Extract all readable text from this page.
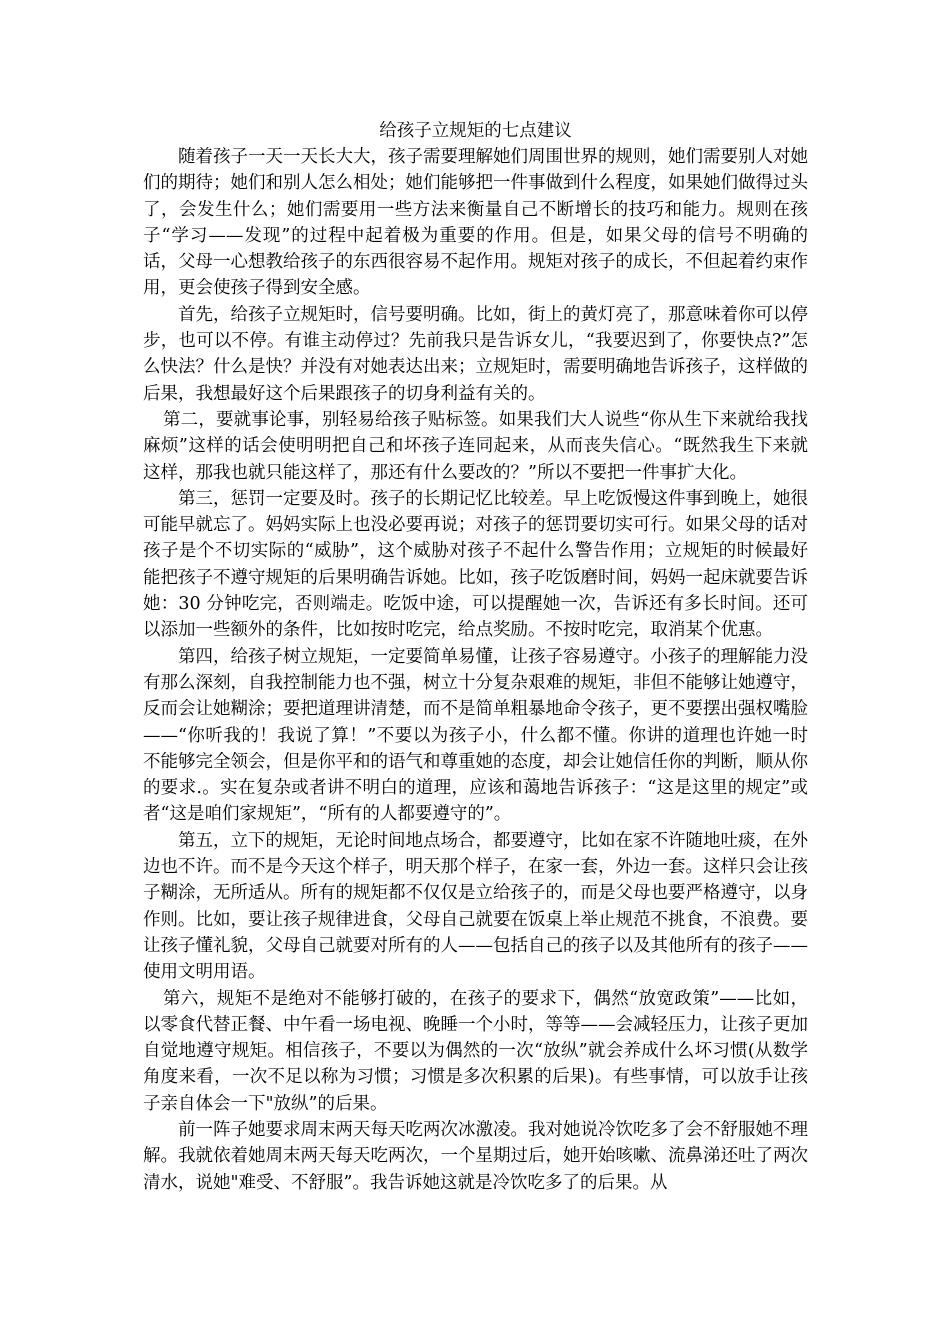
给孩子立规矩的七点建议

随着孩子一天一天长大大，孩子需要理解她们周围世界的规则，她们需要别人对她们的期待；她们和别人怎么相处；她们能够把一件事做到什么程度，如果她们做得过头了，会发生什么；她们需要用一些方法来衡量自己不断增长的技巧和能力。规则在孩子“学习——发现”的过程中起着极为重要的作用。但是，如果父母的信号不明确的话，父母一心想教给孩子的东西很容易不起作用。规矩对孩子的成长，不但起着约束作用，更会使孩子得到安全感。

首先，给孩子立规矩时，信号要明确。比如，街上的黄灯亮了，那意味着你可以停步，也可以不停。有谁主动停过？先前我只是告诉女儿，“我要迟到了，你要快点?”怎么快法？什么是快？并没有对她表达出来；立规矩时，需要明确地告诉孩子，这样做的后果，我想最好这个后果跟孩子的切身利益有关的。

第二，要就事论事，别轻易给孩子贴标签。如果我们大人说些“你从生下来就给我找麻烦”这样的话会使明明把自己和坏孩子连同起来，从而丧失信心。“既然我生下来就这样，那我也就只能这样了，那还有什么要改的？”所以不要把一件事扩大化。

第三，惩罚一定要及时。孩子的长期记忆比较差。早上吃饭慢这件事到晚上，她很可能早就忘了。妈妈实际上也没必要再说；对孩子的惩罚要切实可行。如果父母的话对孩子是个不切实际的“威胁”，这个威胁对孩子不起什么警告作用；立规矩的时候最好能把孩子不遵守规矩的后果明确告诉她。比如，孩子吃饭磨时间，妈妈一起床就要告诉她：30 分钟吃完，否则端走。吃饭中途，可以提醒她一次，告诉还有多长时间。还可以添加一些额外的条件，比如按时吃完，给点奖励。不按时吃完，取消某个优惠。

第四，给孩子树立规矩，一定要简单易懂，让孩子容易遵守。小孩子的理解能力没有那么深刻，自我控制能力也不强，树立十分复杂艰难的规矩，非但不能够让她遵守，反而会让她糊涂；要把道理讲清楚，而不是简单粗暴地命令孩子，更不要摆出强权嘴脸——“你听我的！我说了算！”不要以为孩子小，什么都不懂。你讲的道理也许她一时不能够完全领会，但是你平和的语气和尊重她的态度，却会让她信任你的判断，顺从你的要求.。实在复杂或者讲不明白的道理，应该和蔼地告诉孩子：“这是这里的规定”或者“这是咱们家规矩”，“所有的人都要遵守的”。

第五，立下的规矩，无论时间地点场合，都要遵守，比如在家不许随地吐痰，在外边也不许。而不是今天这个样子，明天那个样子，在家一套，外边一套。这样只会让孩子糊涂，无所适从。所有的规矩都不仅仅是立给孩子的，而是父母也要严格遵守，以身作则。比如，要让孩子规律进食，父母自己就要在饭桌上举止规范不挑食，不浪费。要让孩子懂礼貌，父母自己就要对所有的人——包括自己的孩子以及其他所有的孩子——使用文明用语。

第六，规矩不是绝对不能够打破的，在孩子的要求下，偶然“放宽政策”——比如，以零食代替正餐、中午看一场电视、晚睡一个小时，等等——会减轻压力，让孩子更加自觉地遵守规矩。相信孩子，不要以为偶然的一次“放纵”就会养成什么坏习惯(从数学角度来看，一次不足以称为习惯；习惯是多次积累的后果)。有些事情，可以放手让孩子亲自体会一下"放纵”的后果。

前一阵子她要求周末两天每天吃两次冰激凌。我对她说冷饮吃多了会不舒服她不理解。我就依着她周末两天每天吃两次，一个星期过后，她开始咳嗽、流鼻涕还吐了两次清水，说她"难受、不舒服”。我告诉她这就是冷饮吃多了的后果。从
